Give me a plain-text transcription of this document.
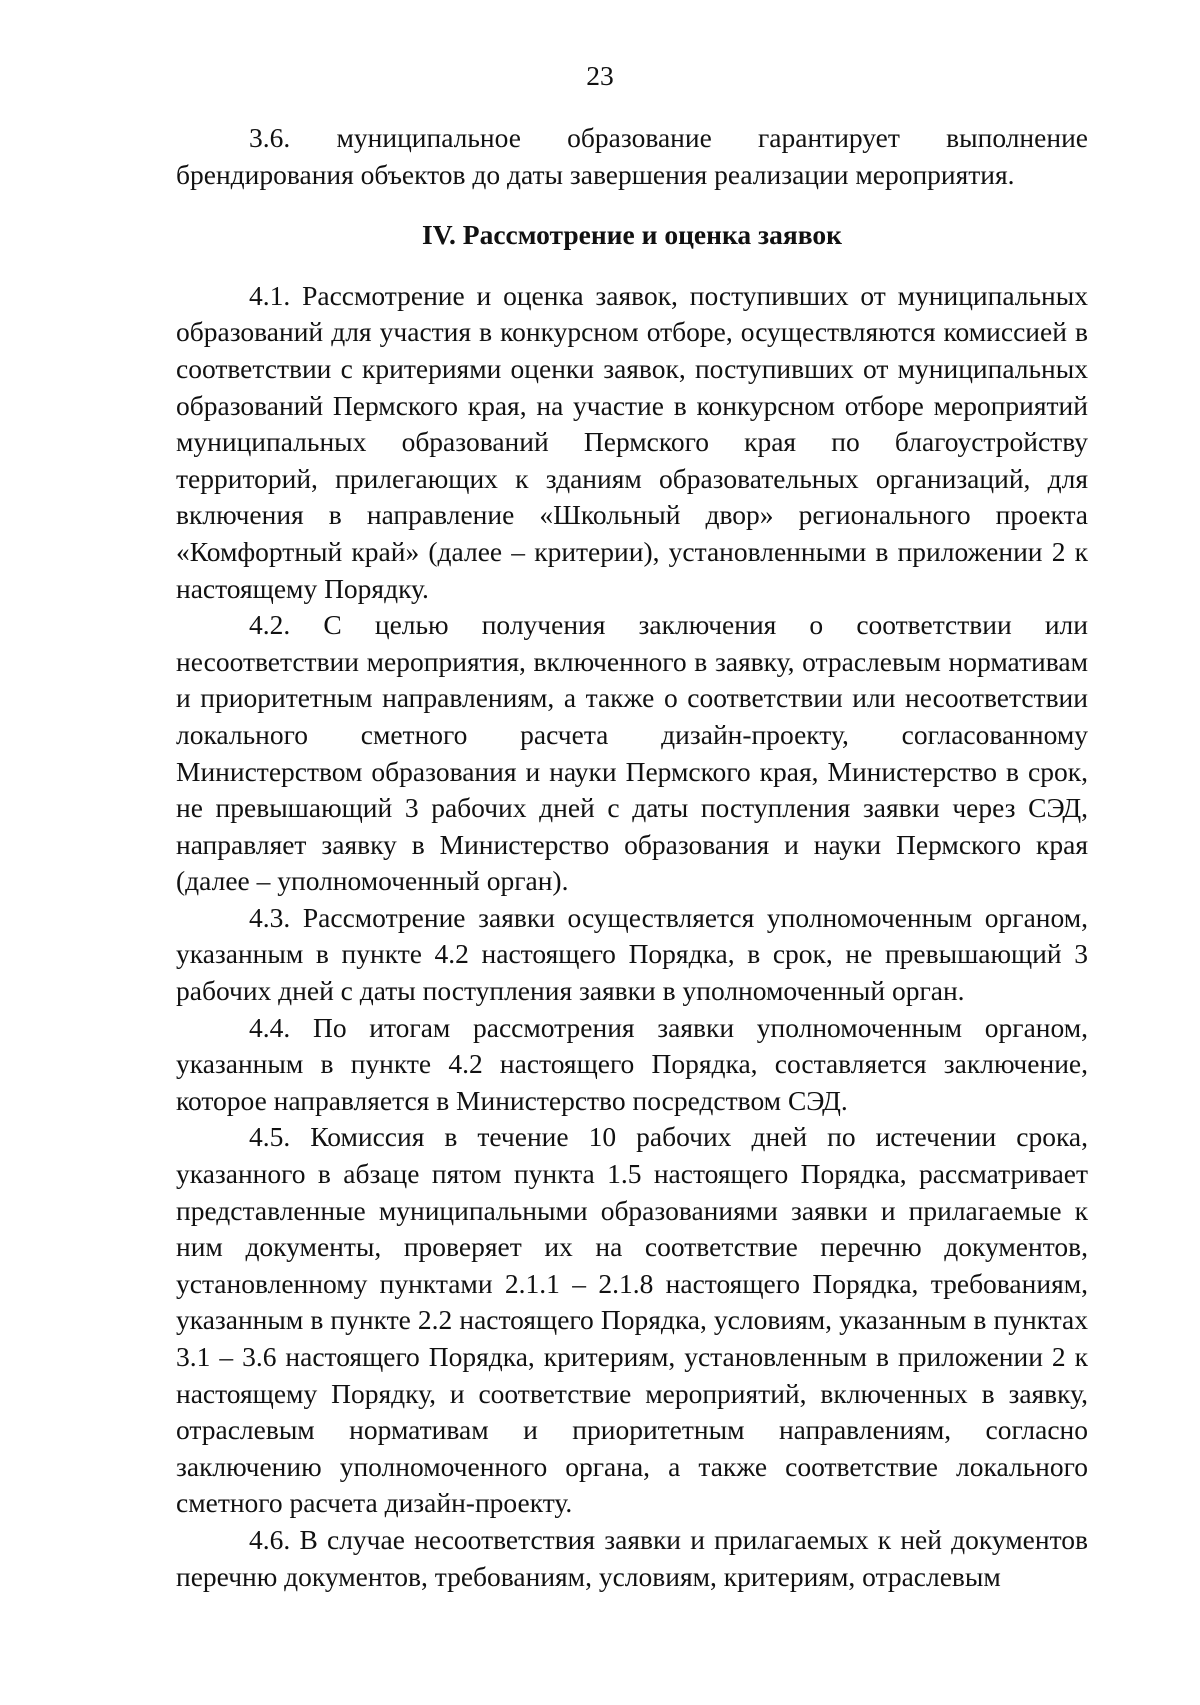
23

3.6. муниципальное образование гарантирует выполнение брендирования объектов до даты завершения реализации мероприятия.

IV. Рассмотрение и оценка заявок

4.1. Рассмотрение и оценка заявок, поступивших от муниципальных образований для участия в конкурсном отборе, осуществляются комиссией в соответствии с критериями оценки заявок, поступивших от муниципальных образований Пермского края, на участие в конкурсном отборе мероприятий муниципальных образований Пермского края по благоустройству территорий, прилегающих к зданиям образовательных организаций, для включения в направление «Школьный двор» регионального проекта «Комфортный край» (далее – критерии), установленными в приложении 2 к настоящему Порядку.

4.2. С целью получения заключения о соответствии или несоответствии мероприятия, включенного в заявку, отраслевым нормативам и приоритетным направлениям, а также о соответствии или несоответствии локального сметного расчета дизайн-проекту, согласованному Министерством образования и науки Пермского края, Министерство в срок, не превышающий 3 рабочих дней с даты поступления заявки через СЭД, направляет заявку в Министерство образования и науки Пермского края (далее – уполномоченный орган).

4.3. Рассмотрение заявки осуществляется уполномоченным органом, указанным в пункте 4.2 настоящего Порядка, в срок, не превышающий 3 рабочих дней с даты поступления заявки в уполномоченный орган.

4.4. По итогам рассмотрения заявки уполномоченным органом, указанным в пункте 4.2 настоящего Порядка, составляется заключение, которое направляется в Министерство посредством СЭД.

4.5. Комиссия в течение 10 рабочих дней по истечении срока, указанного в абзаце пятом пункта 1.5 настоящего Порядка, рассматривает представленные муниципальными образованиями заявки и прилагаемые к ним документы, проверяет их на соответствие перечню документов, установленному пунктами 2.1.1 – 2.1.8 настоящего Порядка, требованиям, указанным в пункте 2.2 настоящего Порядка, условиям, указанным в пунктах 3.1 – 3.6 настоящего Порядка, критериям, установленным в приложении 2 к настоящему Порядку, и соответствие мероприятий, включенных в заявку, отраслевым нормативам и приоритетным направлениям, согласно заключению уполномоченного органа, а также соответствие локального сметного расчета дизайн-проекту.

4.6. В случае несоответствия заявки и прилагаемых к ней документов перечню документов, требованиям, условиям, критериям, отраслевым
